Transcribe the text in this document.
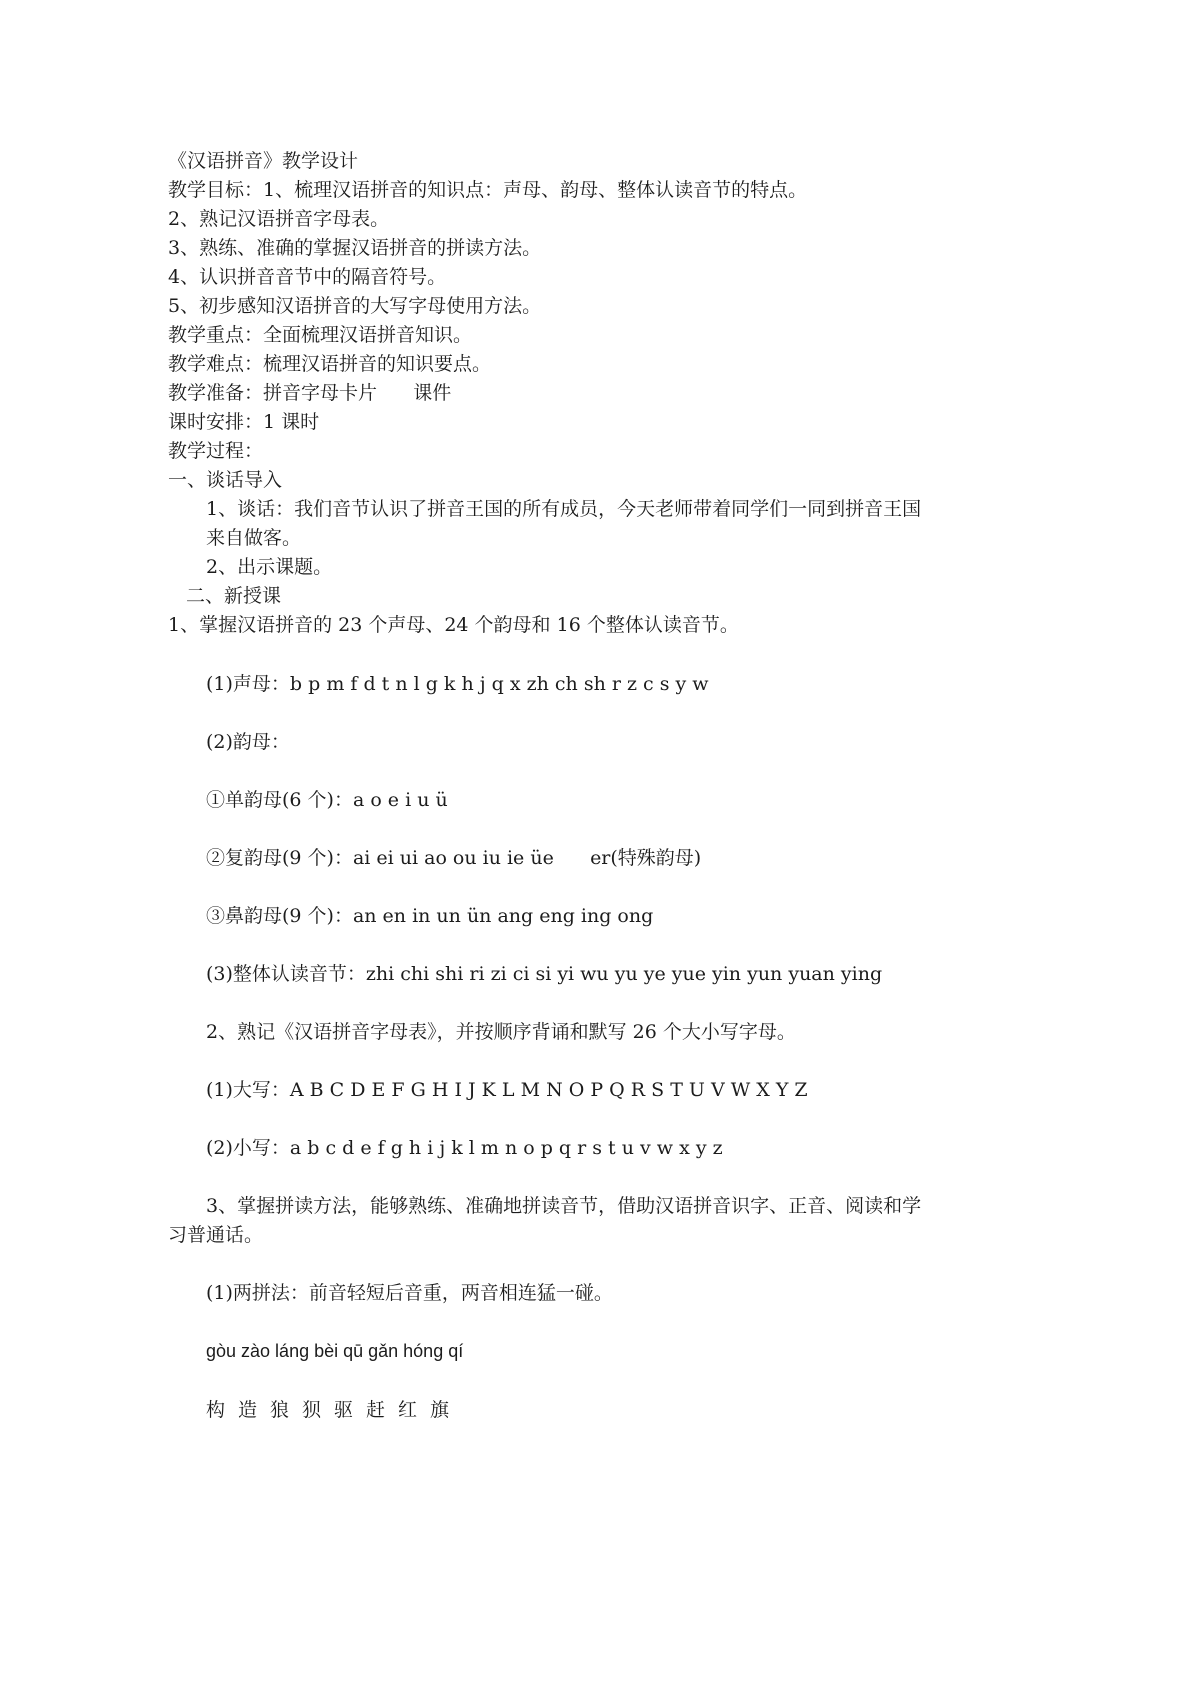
《汉语拼音》教学设计
教学目标：1、梳理汉语拼音的知识点：声母、韵母、整体认读音节的特点。
2、熟记汉语拼音字母表。
3、熟练、准确的掌握汉语拼音的拼读方法。
4、认识拼音音节中的隔音符号。
5、初步感知汉语拼音的大写字母使用方法。
教学重点：全面梳理汉语拼音知识。
教学难点：梳理汉语拼音的知识要点。
教学准备：拼音字母卡片      课件
课时安排：1 课时
教学过程：
一、谈话导入
1、谈话：我们音节认识了拼音王国的所有成员，今天老师带着同学们一同到拼音王国
来自做客。
2、出示课题。
二、新授课
1、掌握汉语拼音的 23 个声母、24 个韵母和 16 个整体认读音节。
(1)声母：b p m f d t n l g k h j q x zh ch sh r z c s y w
(2)韵母：
①单韵母(6 个)：a o e i u ü
②复韵母(9 个)：ai ei ui ao ou iu ie üe      er(特殊韵母)
③鼻韵母(9 个)：an en in un ün ang eng ing ong
(3)整体认读音节：zhi chi shi ri zi ci si yi wu yu ye yue yin yun yuan ying
2、熟记《汉语拼音字母表》，并按顺序背诵和默写 26 个大小写字母。
(1)大写：A B C D E F G H I J K L M N O P Q R S T U V W X Y Z
(2)小写：a b c d e f g h i j k l m n o p q r s t u v w x y z
3、掌握拼读方法，能够熟练、准确地拼读音节，借助汉语拼音识字、正音、阅读和学
习普通话。
(1)两拼法：前音轻短后音重，两音相连猛一碰。
gòu zào láng bèi qū gǎn hóng qí
构造狼狈驱赶红旗
